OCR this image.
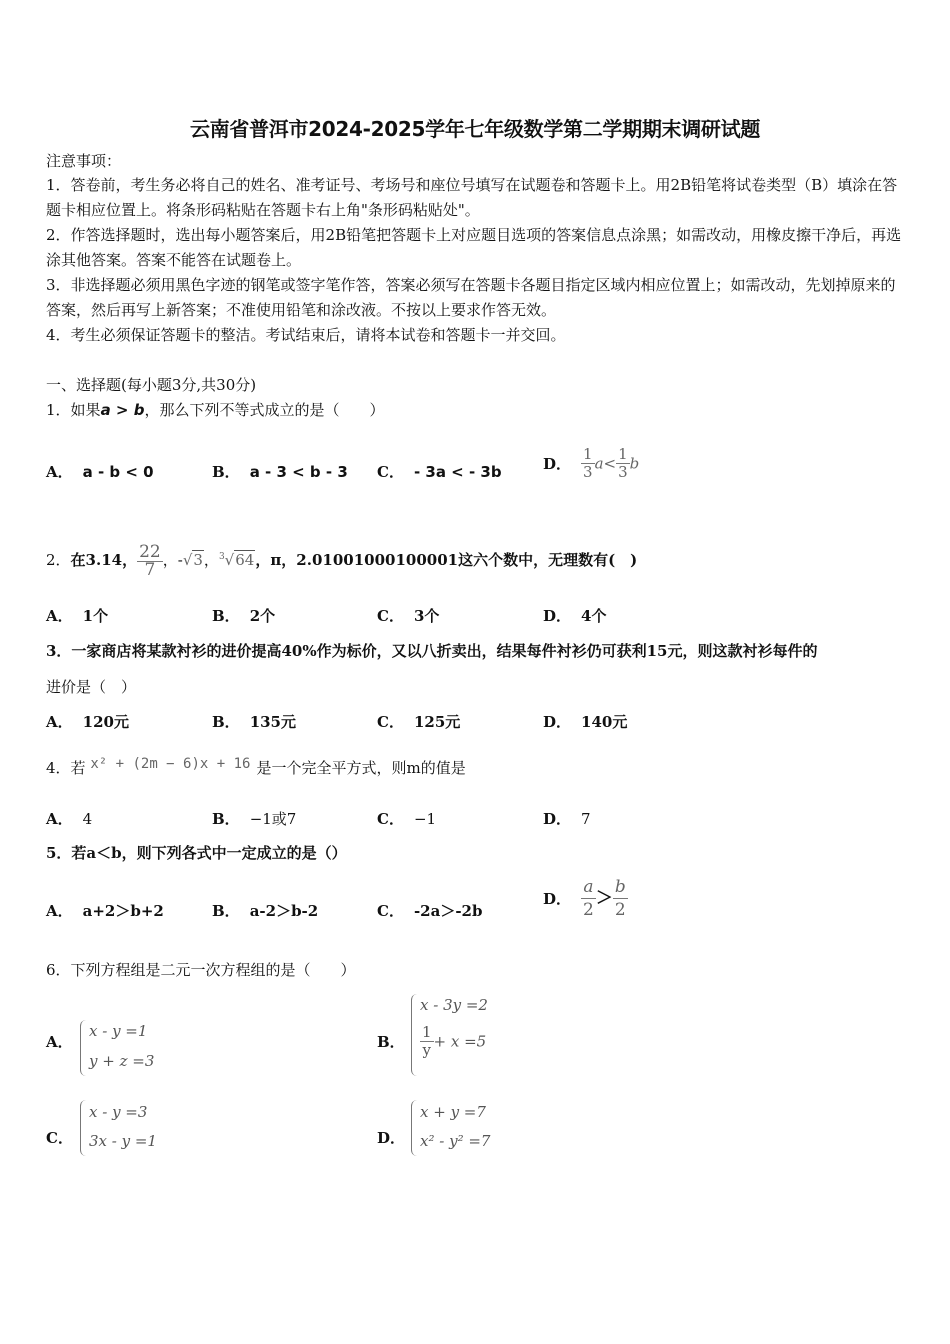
云南省普洱市2024-2025学年七年级数学第二学期期末调研试题
注意事项：
1．答卷前，考生务必将自己的姓名、准考证号、考场号和座位号填写在试题卷和答题卡上。用2B铅笔将试卷类型（B）填涂在答题卡相应位置上。将条形码粘贴在答题卡右上角"条形码粘贴处"。
2．作答选择题时，选出每小题答案后，用2B铅笔把答题卡上对应题目选项的答案信息点涂黑；如需改动，用橡皮擦干净后，再选涂其他答案。答案不能答在试题卷上。
3．非选择题必须用黑色字迹的钢笔或签字笔作答，答案必须写在答题卡各题目指定区域内相应位置上；如需改动，先划掉原来的答案，然后再写上新答案；不准使用铅笔和涂改液。不按以上要求作答无效。
4．考生必须保证答题卡的整洁。考试结束后，请将本试卷和答题卡一并交回。
一、选择题(每小题3分,共30分)
1．如果a > b，那么下列不等式成立的是（　　）
A． a - b < 0	B． a - 3 < b - 3 C． - 3a < - 3b	D． $\frac{1}{3} a< \frac{1}{3}$ b
2．在3.14， $\frac{22}{7}$ ，-√3，$^3$√64，π，2.01001000100001这六个数中，无理数有(　)
A． 1个	B． 2个	C． 3个	D． 4个
3．一家商店将某款衬衫的进价提高40%作为标价，又以八折卖出，结果每件衬衫仍可获利15元，则这款衬衫每件的
进价是（　）
A． 120元	B． 135元	C． 125元	D． 140元
4．若 x² + (2m − 6)x + 16 是一个完全平方式，则m的值是
A． 4	B． −1或7	C． −1	D． 7
5．若a＜b，则下列各式中一定成立的是（）
A． a+2＞b+2	B． a-2＞b-2	C． -2a＞-2b
D． $\frac{a}{2} > \frac{b}{2}$
6．下列方程组是二元一次方程组的是（　　）
A．
x - y =1
y + z =3
B．
x - 3y =2
$\frac{1}{y} + x =5$
C．
x - y =3
3x - y =1	D．
x + y =7
x² - y² =7
